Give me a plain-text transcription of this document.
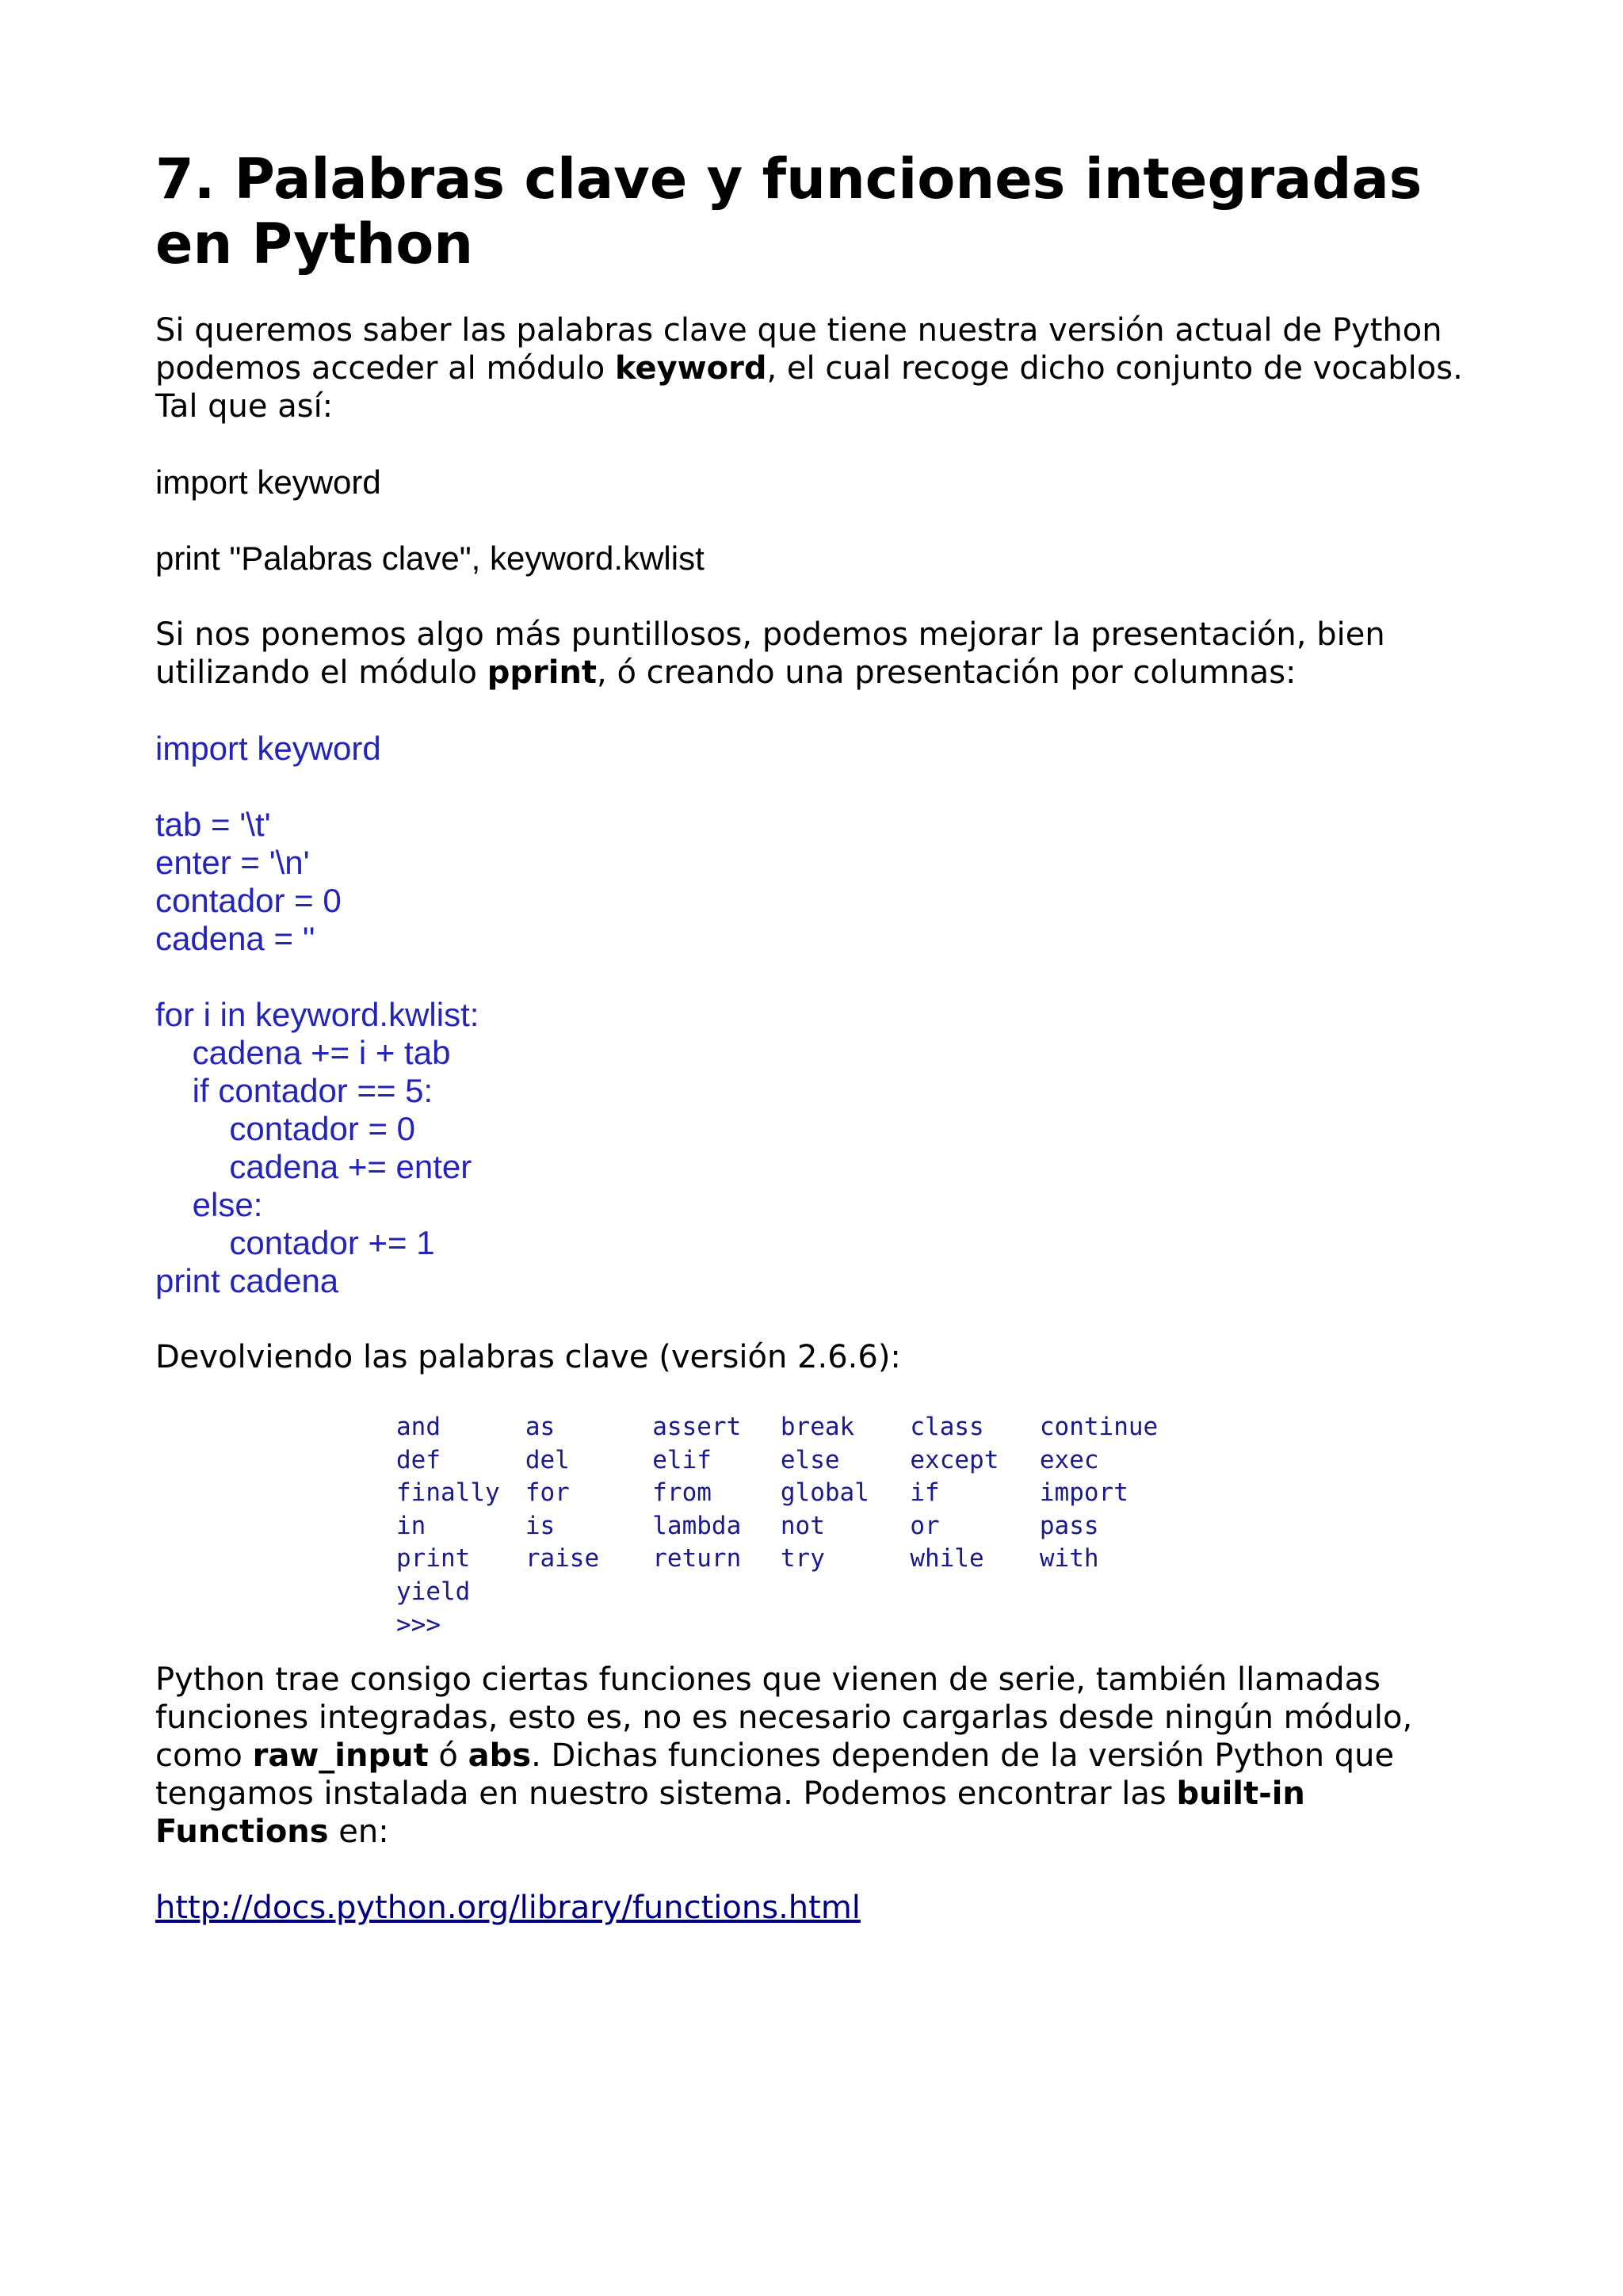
7. Palabras clave y funciones integradas en Python

Si queremos saber las palabras clave que tiene nuestra versión actual de Python podemos acceder al módulo keyword, el cual recoge dicho conjunto de vocablos. Tal que así:

import keyword
print "Palabras clave", keyword.kwlist

Si nos ponemos algo más puntillosos, podemos mejorar la presentación, bien utilizando el módulo pprint, ó creando una presentación por columnas:

import keyword

tab = '\t'
enter = '\n'
contador = 0
cadena = ''

for i in keyword.kwlist:
cadena += i + tab
if contador == 5:
contador = 0
cadena += enter
else:
contador += 1
print cadena

Devolviendo las palabras clave (versión 2.6.6):

and	as	assert	break	class	continue
def	del	elif	else	except	exec
finally	for	from	global	if	import
in	is	lambda	not	or	pass
print	raise	return	try	while	with
yield					
>>>

Python trae consigo ciertas funciones que vienen de serie, también llamadas funciones integradas, esto es, no es necesario cargarlas desde ningún módulo, como raw_input ó abs. Dichas funciones dependen de la versión Python que tengamos instalada en nuestro sistema. Podemos encontrar las built-in Functions en:

http://docs.python.org/library/functions.html
